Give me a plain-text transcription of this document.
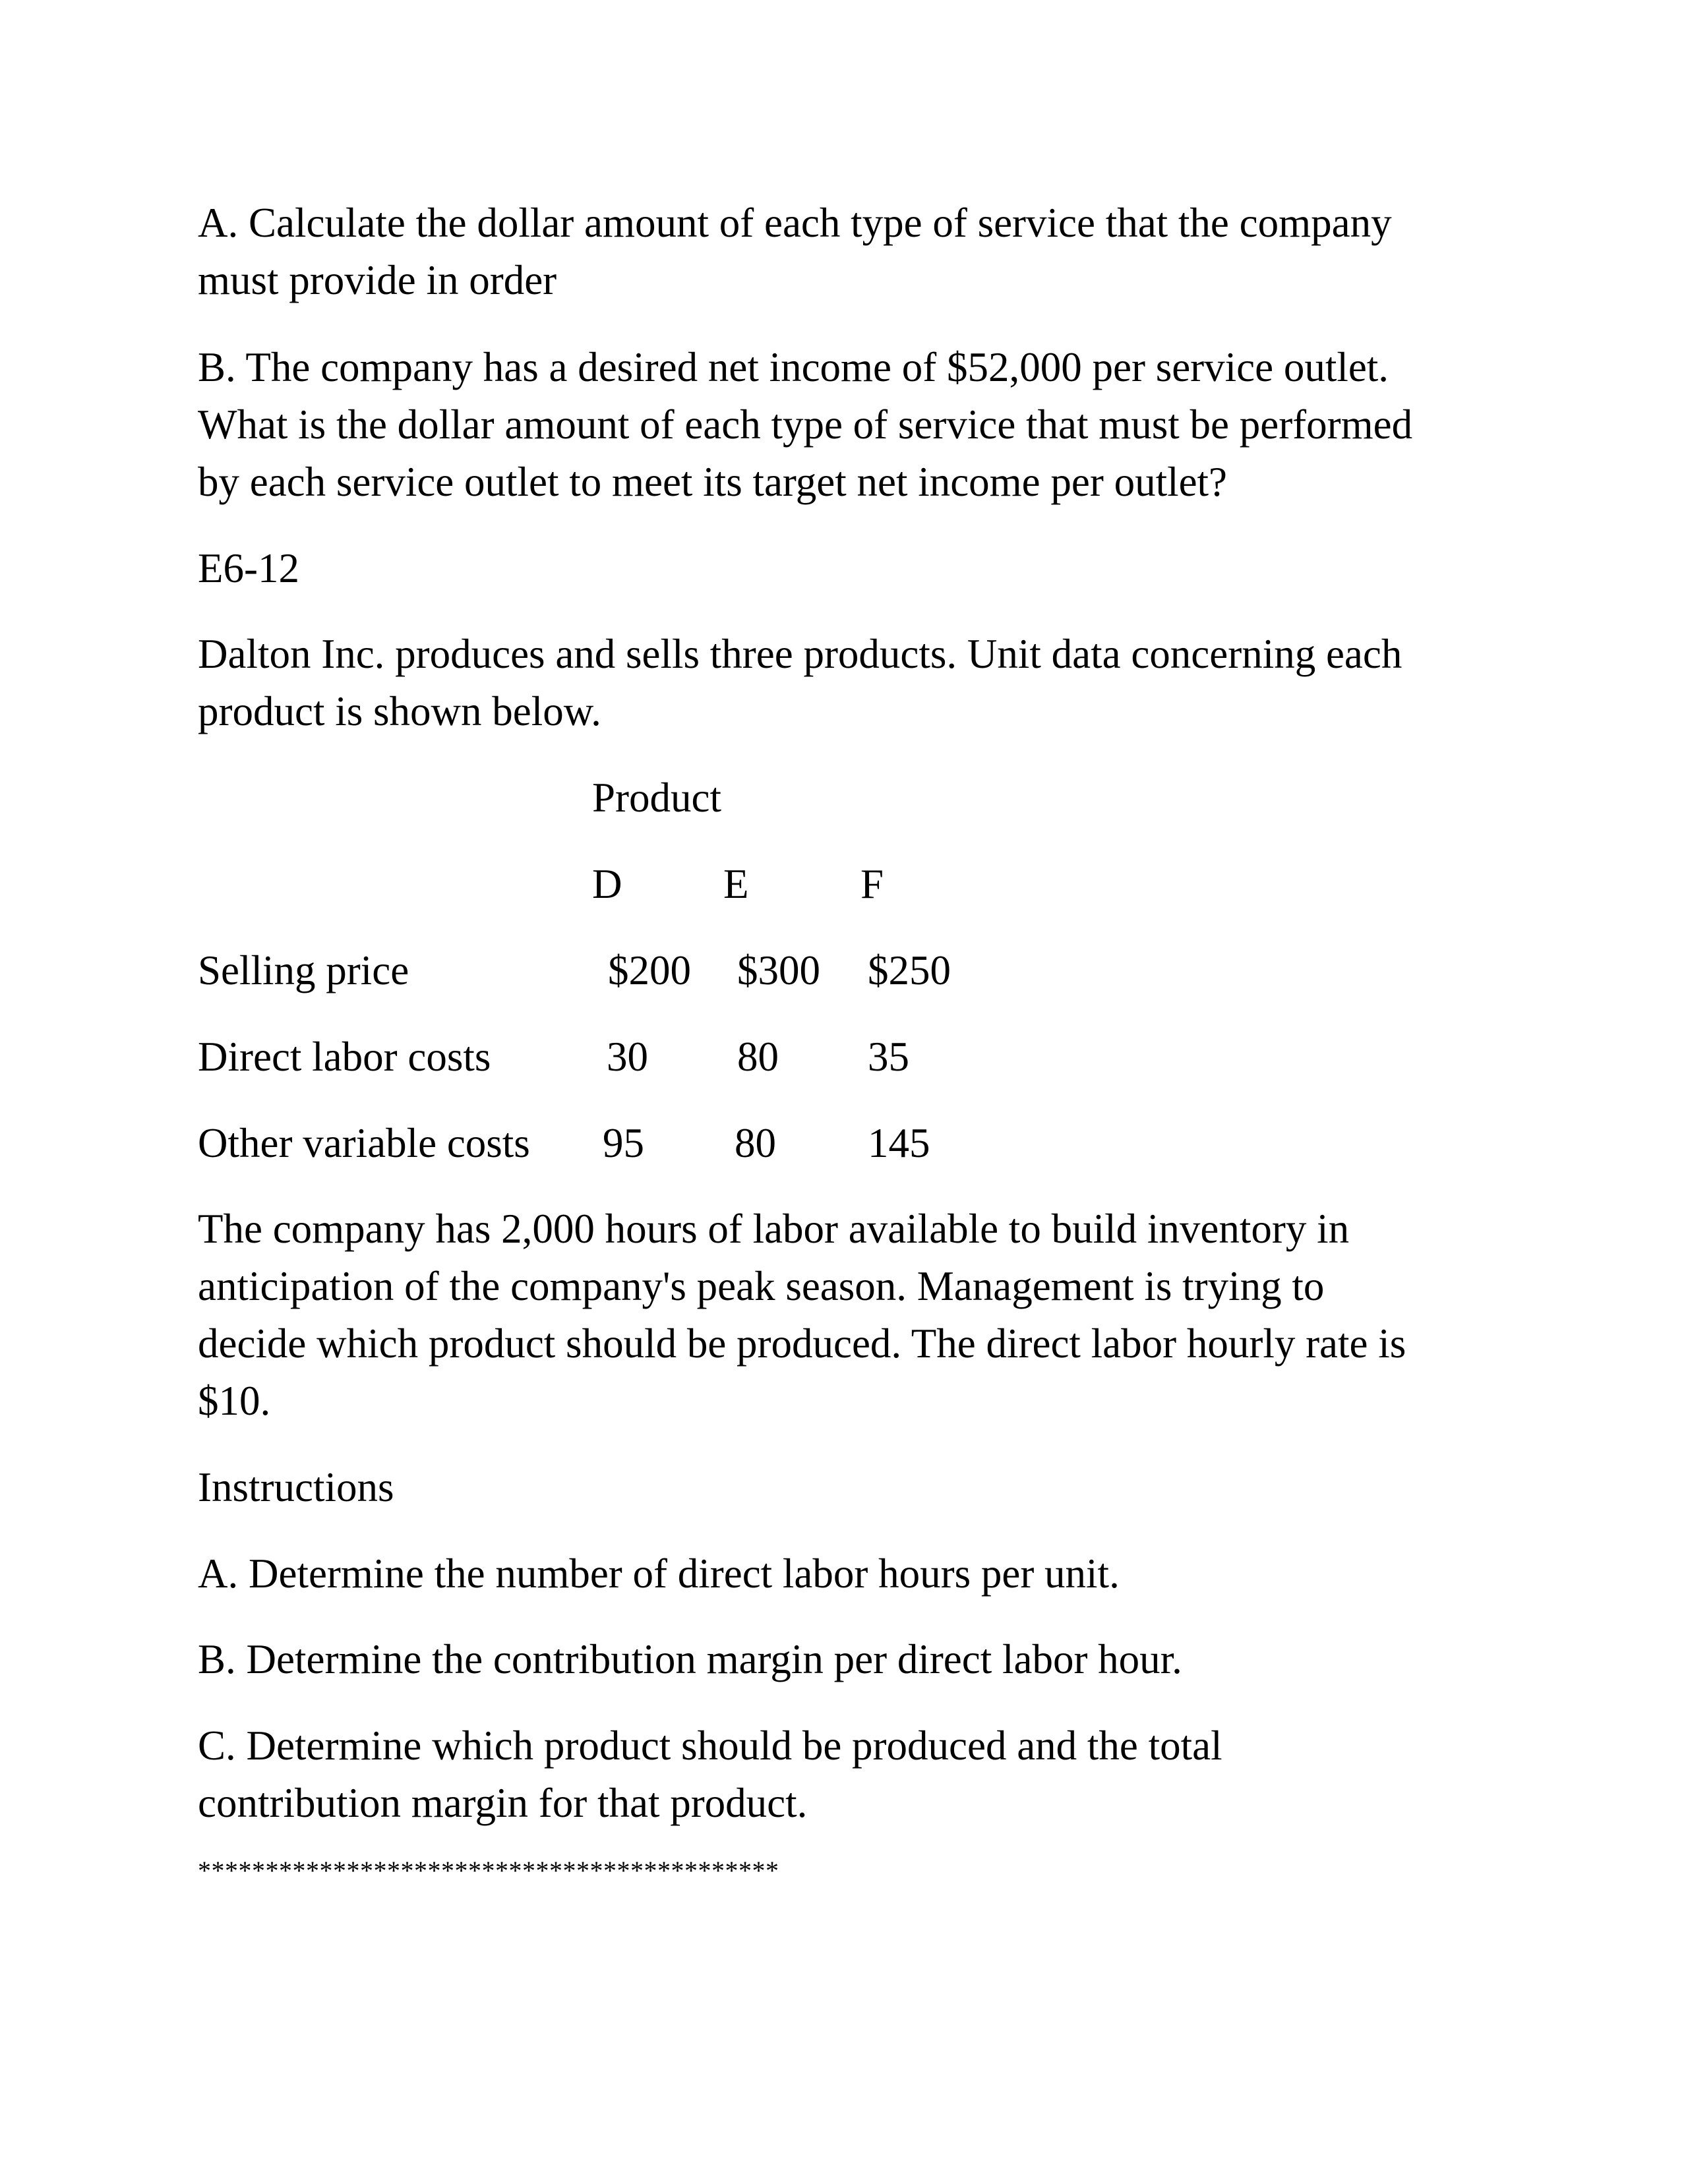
A. Calculate the dollar amount of each type of service that the company

must provide in order

B. The company has a desired net income of $52,000 per service outlet.

What is the dollar amount of each type of service that must be performed

by each service outlet to meet its target net income per outlet?

E6-12

Dalton Inc. produces and sells three products. Unit data concerning each

product is shown below.

Product

D E	F

Selling price	$200 $300 $250

Direct labor costs	30 80 35

Other variable costs 95 80 145

The company has 2,000 hours of labor available to build inventory in

anticipation of the company's peak season. Management is trying to

decide which product should be produced. The direct labor hourly rate is

$10.

Instructions

A. Determine the number of direct labor hours per unit.

B. Determine the contribution margin per direct labor hour.

C. Determine which product should be produced and the total

contribution margin for that product.

*******************************************
